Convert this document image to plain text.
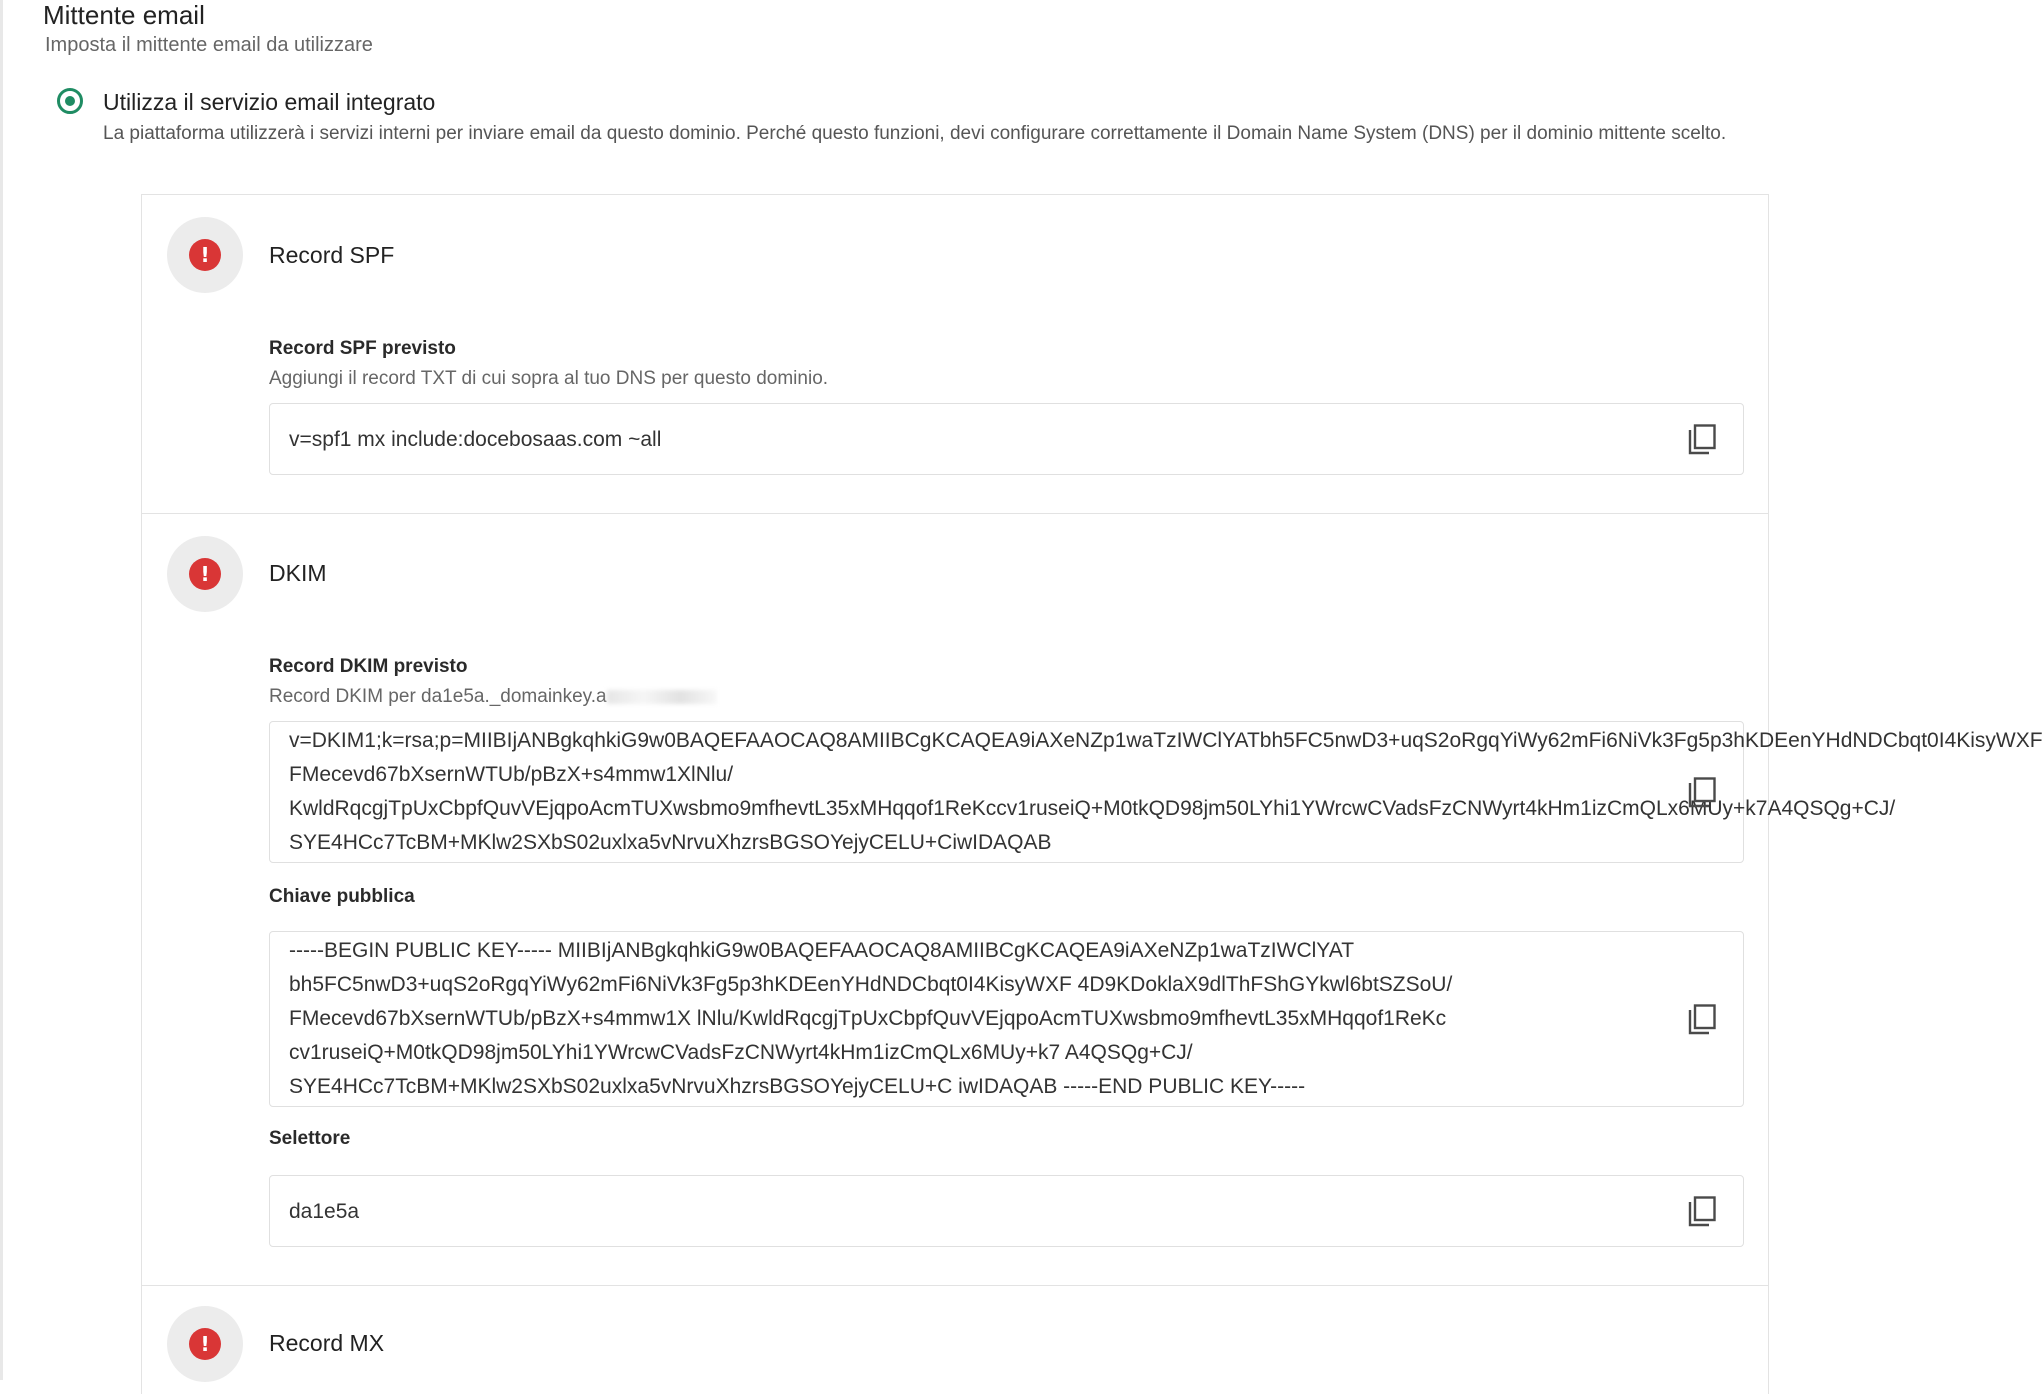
Mittente email
Imposta il mittente email da utilizzare
Utilizza il servizio email integrato
La piattaforma utilizzerà i servizi interni per inviare email da questo dominio. Perché questo funzioni, devi configurare correttamente il Domain Name System (DNS) per il dominio mittente scelto.
!	Record SPF
Record SPF previsto
Aggiungi il record TXT di cui sopra al tuo DNS per questo dominio.
v=spf1 mx include:docebosaas.com ~all
!	DKIM
Record DKIM previsto
Record DKIM per da1e5a._domainkey.a
v=DKIM1;k=rsa;p=MIIBIjANBgkqhkiG9w0BAQEFAAOCAQ8AMIIBCgKCAQEA9iAXeNZp1waTzIWClYATbh5FC5nwD3+uqS2oRgqYiWy62mFi6NiVk3Fg5p3hKDEenYHdNDCbqt0I4KisyWXF
FMecevd67bXsernWTUb/pBzX+s4mmw1XlNlu/
KwldRqcgjTpUxCbpfQuvVEjqpoAcmTUXwsbmo9mfhevtL35xMHqqof1ReKccv1ruseiQ+M0tkQD98jm50LYhi1YWrcwCVadsFzCNWyrt4kHm1izCmQLx6MUy+k7A4QSQg+CJ/
SYE4HCc7TcBM+MKlw2SXbS02uxlxa5vNrvuXhzrsBGSOYejyCELU+CiwIDAQAB
Chiave pubblica
-----BEGIN PUBLIC KEY----- MIIBIjANBgkqhkiG9w0BAQEFAAOCAQ8AMIIBCgKCAQEA9iAXeNZp1waTzIWClYAT
bh5FC5nwD3+uqS2oRgqYiWy62mFi6NiVk3Fg5p3hKDEenYHdNDCbqt0I4KisyWXF 4D9KDoklaX9dlThFShGYkwl6btSZSoU/
FMecevd67bXsernWTUb/pBzX+s4mmw1X lNlu/KwldRqcgjTpUxCbpfQuvVEjqpoAcmTUXwsbmo9mfhevtL35xMHqqof1ReKc
cv1ruseiQ+M0tkQD98jm50LYhi1YWrcwCVadsFzCNWyrt4kHm1izCmQLx6MUy+k7 A4QSQg+CJ/
SYE4HCc7TcBM+MKlw2SXbS02uxlxa5vNrvuXhzrsBGSOYejyCELU+C iwIDAQAB -----END PUBLIC KEY-----
Selettore
da1e5a
!	Record MX
